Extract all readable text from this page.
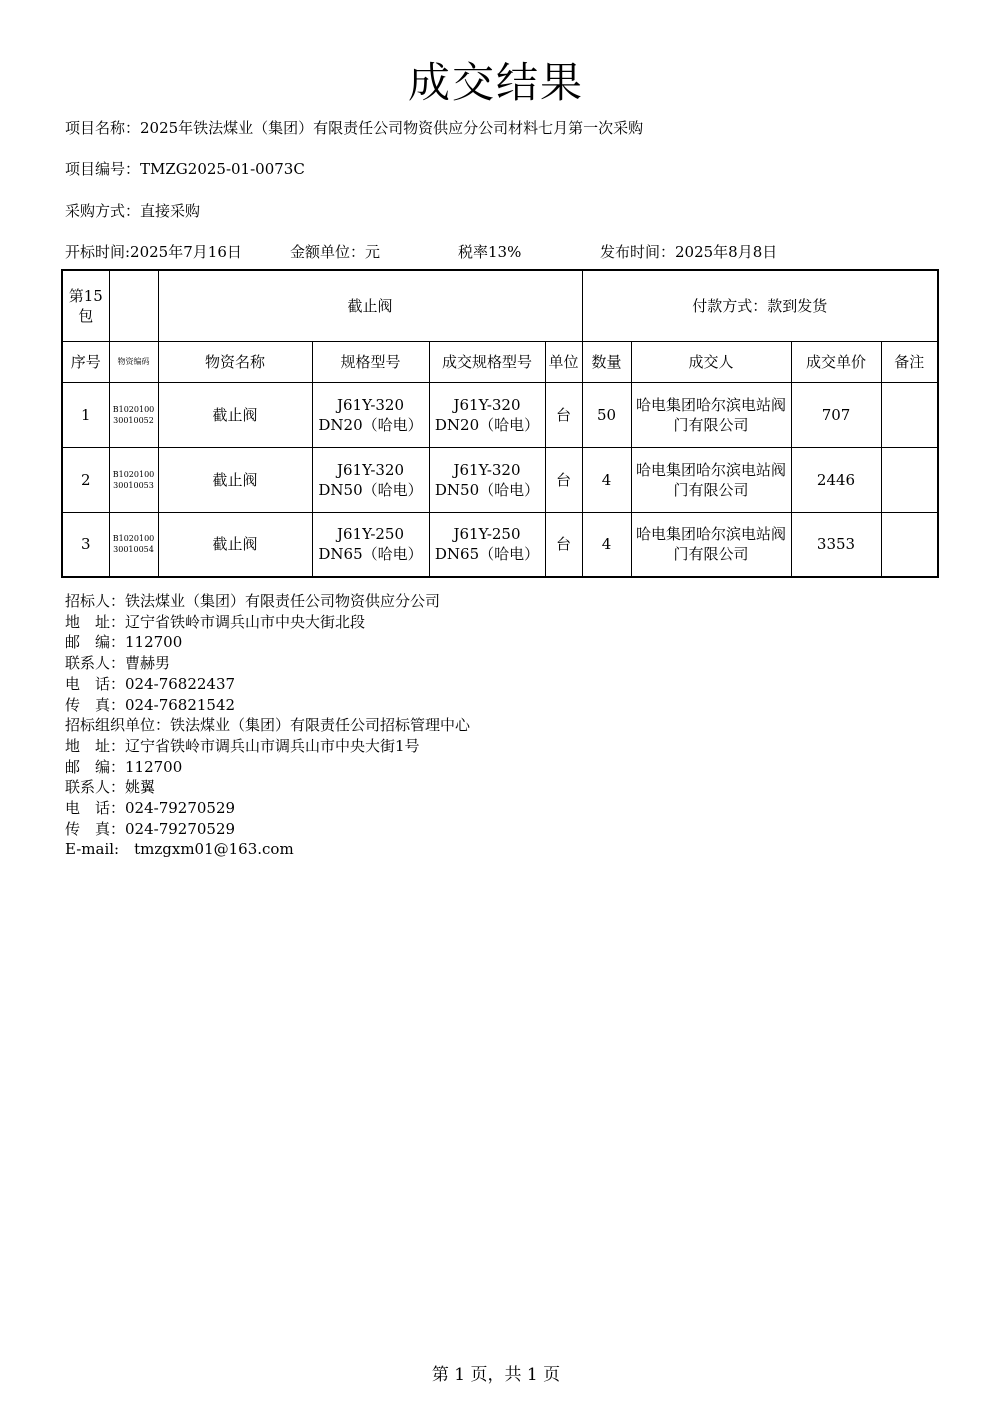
成交结果
项目名称：2025年铁法煤业（集团）有限责任公司物资供应分公司材料七月第一次采购
项目编号：TMZG2025-01-0073C
采购方式：直接采购
开标时间:2025年7月16日	金额单位：元	税率13%	发布时间：2025年8月8日
第15包		截止阀				付款方式：款到发货			
序号	物资编码	物资名称	规格型号	成交规格型号	单位	数量	成交人	成交单价	备注
1	B102010030010052	截止阀	J61Y-320 DN20（哈电）	J61Y-320 DN20（哈电）	台	50	哈电集团哈尔滨电站阀门有限公司	707	
2	B102010030010053	截止阀	J61Y-320 DN50（哈电）	J61Y-320 DN50（哈电）	台	4	哈电集团哈尔滨电站阀门有限公司	2446	
3	B102010030010054	截止阀	J61Y-250 DN65（哈电）	J61Y-250 DN65（哈电）	台	4	哈电集团哈尔滨电站阀门有限公司	3353	
招标人：铁法煤业（集团）有限责任公司物资供应分公司
地　址：辽宁省铁岭市调兵山市中央大街北段
邮　编：112700
联系人：曹赫男
电　话：024-76822437
传　真：024-76821542
招标组织单位：铁法煤业（集团）有限责任公司招标管理中心
地　址：辽宁省铁岭市调兵山市调兵山市中央大街1号
邮　编：112700
联系人：姚翼
电　话：024-79270529
传　真：024-79270529
E-mail:　tmzgxm01@163.com
第 1 页，共 1 页
